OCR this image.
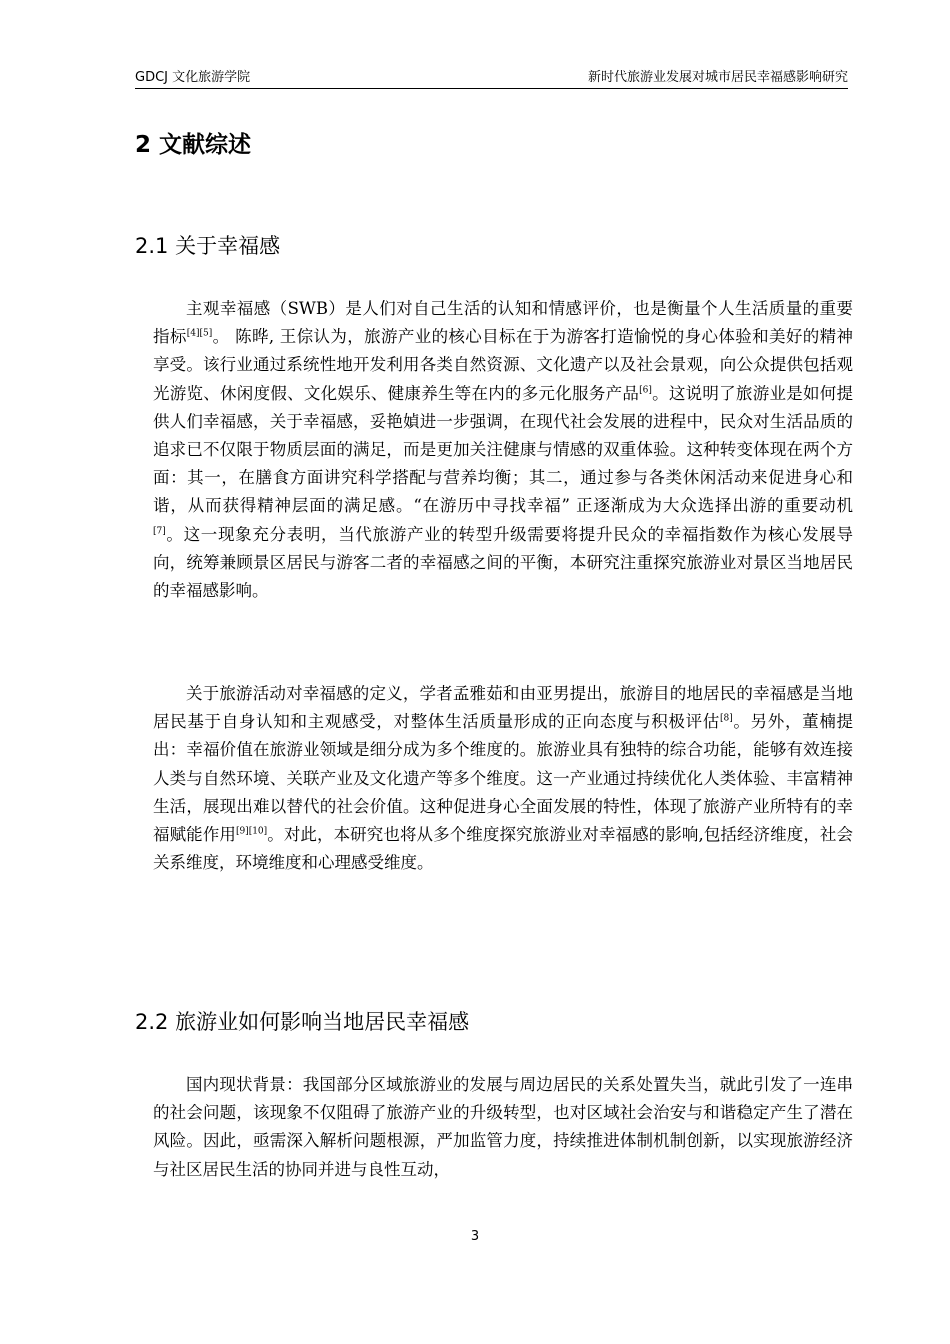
GDCJ 文化旅游学院	新时代旅游业发展对城市居民幸福感影响研究
2 文献综述
2.1 关于幸福感

主观幸福感（SWB）是人们对自己生活的认知和情感评价，也是衡量个人生活质量的重要指标[4][5]。 陈晔, 王倧认为，旅游产业的核心目标在于为游客打造愉悦的身心体验和美好的精神享受。该行业通过系统性地开发利用各类自然资源、文化遗产以及社会景观，向公众提供包括观光游览、休闲度假、文化娱乐、健康养生等在内的多元化服务产品[6]。这说明了旅游业是如何提供人们幸福感，关于幸福感，妥艳媜进一步强调，在现代社会发展的进程中，民众对生活品质的追求已不仅限于物质层面的满足，而是更加关注健康与情感的双重体验。这种转变体现在两个方面：其一，在膳食方面讲究科学搭配与营养均衡；其二，通过参与各类休闲活动来促进身心和谐，从而获得精神层面的满足感。“在游历中寻找幸福” 正逐渐成为大众选择出游的重要动机 [7]。这一现象充分表明，当代旅游产业的转型升级需要将提升民众的幸福指数作为核心发展导向，统筹兼顾景区居民与游客二者的幸福感之间的平衡，本研究注重探究旅游业对景区当地居民的幸福感影响。

关于旅游活动对幸福感的定义，学者孟雅茹和由亚男提出，旅游目的地居民的幸福感是当地居民基于自身认知和主观感受，对整体生活质量形成的正向态度与积极评估[8]。另外，董楠提出：幸福价值在旅游业领域是细分成为多个维度的。旅游业具有独特的综合功能，能够有效连接人类与自然环境、关联产业及文化遗产等多个维度。这一产业通过持续优化人类体验、丰富精神生活，展现出难以替代的社会价值。这种促进身心全面发展的特性，体现了旅游产业所特有的幸福赋能作用[9][10]。对此，本研究也将从多个维度探究旅游业对幸福感的影响,包括经济维度，社会关系维度，环境维度和心理感受维度。

2.2 旅游业如何影响当地居民幸福感

国内现状背景：我国部分区域旅游业的发展与周边居民的关系处置失当，就此引发了一连串的社会问题，该现象不仅阻碍了旅游产业的升级转型，也对区域社会治安与和谐稳定产生了潜在风险。因此，亟需深入解析问题根源，严加监管力度，持续推进体制机制创新，以实现旅游经济与社区居民生活的协同并进与良性互动，

3
